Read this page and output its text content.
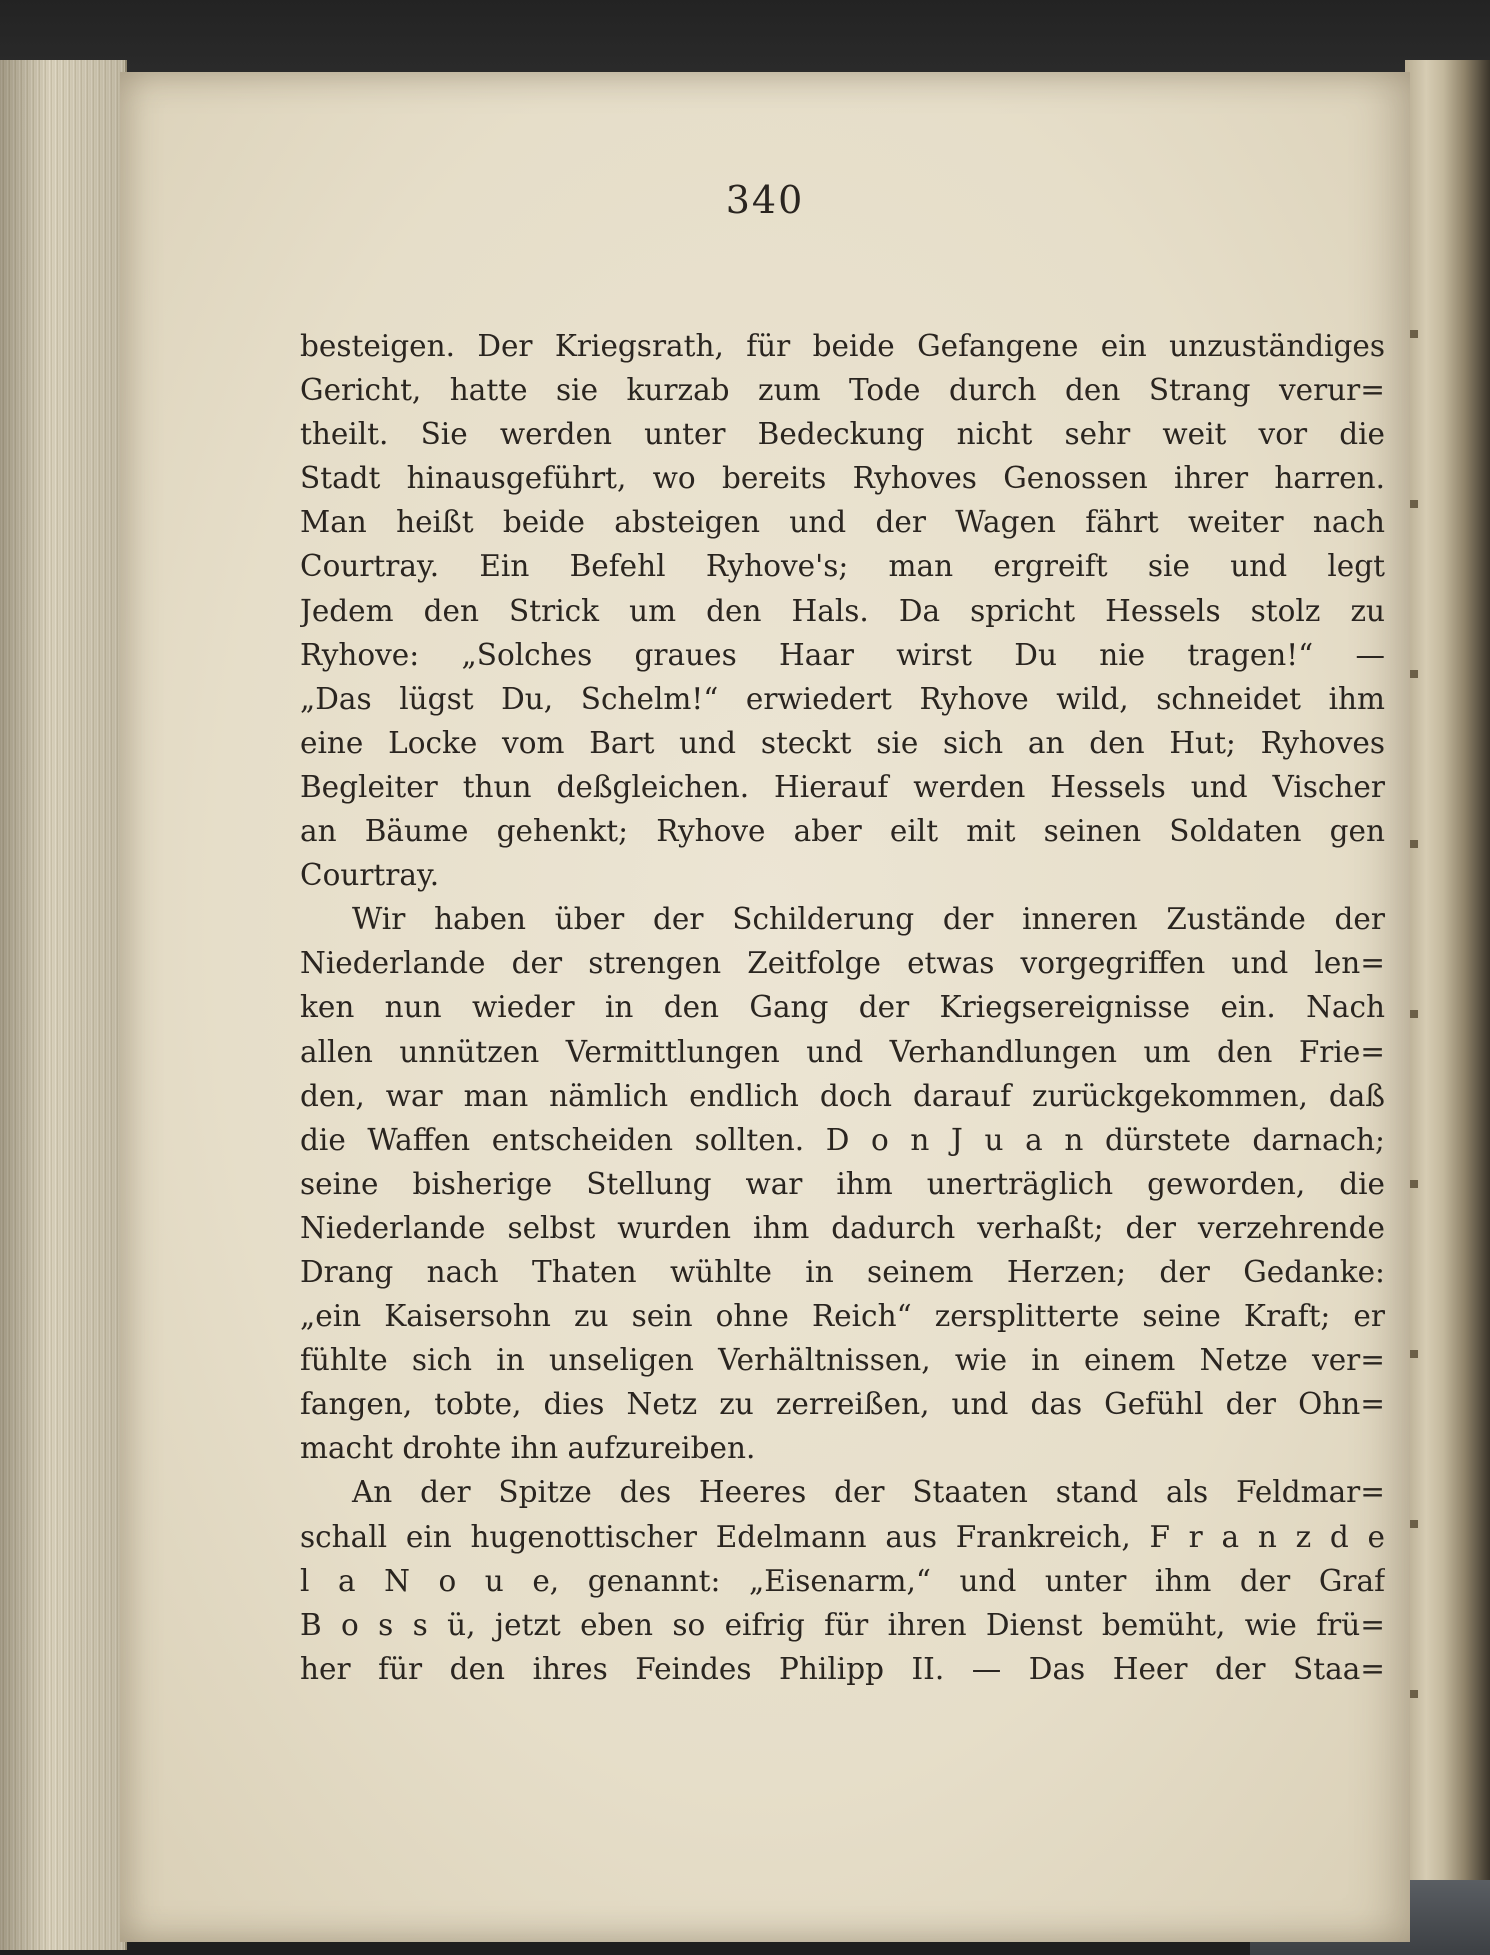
340
besteigen. Der Kriegsrath, für beide Gefangene ein unzuständiges
Gericht, hatte sie kurzab zum Tode durch den Strang verur=
theilt. Sie werden unter Bedeckung nicht sehr weit vor die
Stadt hinausgeführt, wo bereits Ryhoves Genossen ihrer harren.
Man heißt beide absteigen und der Wagen fährt weiter nach
Courtray. Ein Befehl Ryhove's; man ergreift sie und legt
Jedem den Strick um den Hals. Da spricht Hessels stolz zu
Ryhove: „Solches graues Haar wirst Du nie tragen!“ —
„Das lügst Du, Schelm!“ erwiedert Ryhove wild, schneidet ihm
eine Locke vom Bart und steckt sie sich an den Hut; Ryhoves
Begleiter thun deßgleichen. Hierauf werden Hessels und Vischer
an Bäume gehenkt; Ryhove aber eilt mit seinen Soldaten gen
Courtray.
Wir haben über der Schilderung der inneren Zustände der
Niederlande der strengen Zeitfolge etwas vorgegriffen und len=
ken nun wieder in den Gang der Kriegsereignisse ein. Nach
allen unnützen Vermittlungen und Verhandlungen um den Frie=
den, war man nämlich endlich doch darauf zurückgekommen, daß
die Waffen entscheiden sollten. D o n J u a n dürstete darnach;
seine bisherige Stellung war ihm unerträglich geworden, die
Niederlande selbst wurden ihm dadurch verhaßt; der verzehrende
Drang nach Thaten wühlte in seinem Herzen; der Gedanke:
„ein Kaisersohn zu sein ohne Reich“ zersplitterte seine Kraft; er
fühlte sich in unseligen Verhältnissen, wie in einem Netze ver=
fangen, tobte, dies Netz zu zerreißen, und das Gefühl der Ohn=
macht drohte ihn aufzureiben.
An der Spitze des Heeres der Staaten stand als Feldmar=
schall ein hugenottischer Edelmann aus Frankreich, F r a n z d e
l a N o u e, genannt: „Eisenarm,“ und unter ihm der Graf
B o s s ü, jetzt eben so eifrig für ihren Dienst bemüht, wie frü=
her für den ihres Feindes Philipp II. — Das Heer der Staa=
